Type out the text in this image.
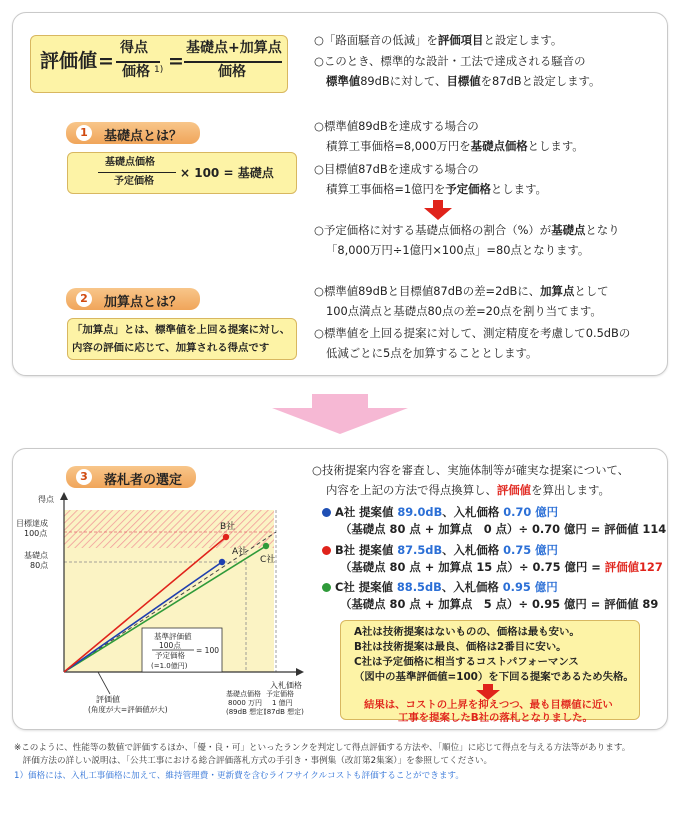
評価値 =
得点
価格 1) =
基礎点+加算点
価格
○「路面騒音の低減」を評価項目と設定します。
○このとき、標準的な設計・工法で達成される騒音の
標準値89dBに対して、目標値を87dBと設定します。
1	基礎点とは？
基礎点価格
予定価格
× 100 = 基礎点
○標準値89dBを達成する場合の
積算工事価格=8,000万円を基礎点価格とします。
○目標値87dBを達成する場合の
積算工事価格=1億円を予定価格とします。
○予定価格に対する基礎点価格の割合（%）が基礎点となり
「8,000万円÷1億円×100点」=80点となります。
2	加算点とは？
「加算点」とは、標準値を上回る提案に対し、
内容の評価に応じて、加算される得点です
○標準値89dBと目標値87dBの差=2dBに、加算点として
100点満点と基礎点80点の差=20点を割り当てます。
○標準値を上回る提案に対して、測定精度を考慮して0.5dBの
低減ごとに5点を加算することとします。
3	落札者の選定
得点
目標達成
100点
基礎点
80点
B社
A社
C社
基準評価値
100点
予定価格
(=1.0億円)
= 100
入札価格
評価値
(角度が大=評価値が大)
基礎点価格
8000 万円
(89dB 想定)
予定価格
1 億円
(87dB 想定)
○技術提案内容を審査し、実施体制等が確実な提案について、
内容を上記の方法で得点換算し、評価値を算出します。
A社 提案値 89.0dB、入札価格 0.70 億円
（基礎点 80 点 + 加算点　0 点）÷ 0.70 億円 = 評価値 114
B社 提案値 87.5dB、入札価格 0.75 億円
（基礎点 80 点 + 加算点 15 点）÷ 0.75 億円 = 評価値127
C社 提案値 88.5dB、入札価格 0.95 億円
（基礎点 80 点 + 加算点　5 点）÷ 0.95 億円 = 評価値 89
A社は技術提案はないものの、価格は最も安い。
B社は技術提案は最良、価格は2番目に安い。
C社は予定価格に相当するコストパフォーマンス
（図中の基準評価値=100）を下回る提案であるため失格。
結果は、コストの上昇を抑えつつ、最も目標値に近い
工事を提案したB社の落札となりました。
※このように、性能等の数値で評価するほか、「優・良・可」といったランクを判定して得点評価する方法や、「順位」に応じて得点を与える方法等があります。
　評価方法の詳しい説明は、「公共工事における総合評価落札方式の手引き・事例集（改訂第2集案）」を参照してください。
1）価格には、入札工事価格に加えて、維持管理費・更新費を含むライフサイクルコストも評価することができます。
